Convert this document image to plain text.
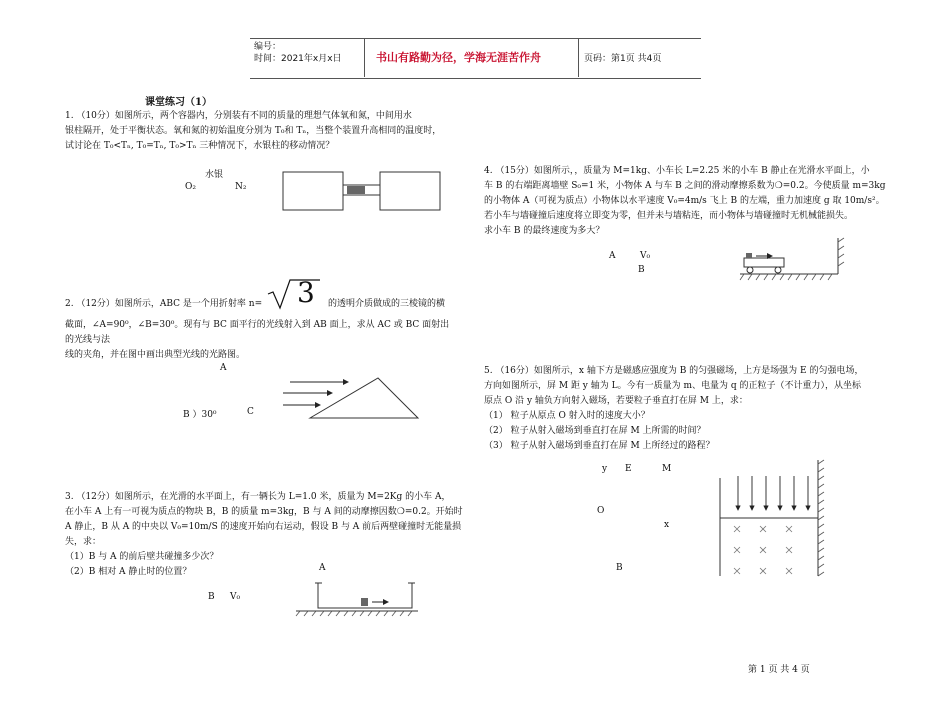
编号：
时间：2021年x月x日	书山有路勤为径，学海无涯苦作舟	页码：第1页 共4页
课堂练习（1）
1. （10分）如图所示，两个容器内，分别装有不同的质量的理想气体氧和氮，中间用水
银柱隔开，处于平衡状态。氧和氮的初始温度分别为 T₀和 Tₙ，当整个装置升高相同的温度时，
试讨论在 T₀<Tₙ, T₀=Tₙ, T₀>Tₙ 三种情况下，水银柱的移动情况？
水银
O₂	N₂
2. （12分）如图所示，ABC 是一个用折射率 n= 3 的透明介质做成的三棱镜的横
截面，∠A=90⁰，∠B=30⁰。现有与 BC 面平行的光线射入到 AB 面上，求从 AC 或 BC 面射出
的光线与法
线的夹角，并在图中画出典型光线的光路图。
A
B ）30⁰	C
3. （12分）如图所示，在光滑的水平面上，有一辆长为 L=1.0 米，质量为 M=2Kg 的小车 A，
在小车 A 上有一可视为质点的物块 B，B 的质量 m=3kg，B 与 A 间的动摩擦因数❍=0.2。开始时
A 静止，B 从 A 的中央以 V₀=10m/S 的速度开始向右运动，假设 B 与 A 前后两壁碰撞时无能量损
失，求：
（1）B 与 A 的前后壁共碰撞多少次？
（2）B 相对 A 静止时的位置？	A
B V₀
4. （15分）如图所示，，质量为 M=1kg、小车长 L=2.25 米的小车 B 静止在光滑水平面上，小
车 B 的右端距离墙壁 S₀=1 米，小物体 A 与车 B 之间的滑动摩擦系数为❍=0.2。今使质量 m=3kg
的小物体 A（可视为质点）小物体以水平速度 V₀=4m/s 飞上 B 的左端，重力加速度 g 取 10m/s²。
若小车与墙碰撞后速度将立即变为零，但并未与墙粘连，而小物体与墙碰撞时无机械能损失。
求小车 B 的最终速度为多大？
A	V₀
B
5. （16分）如图所示，x 轴下方是磁感应强度为 B 的匀强磁场，上方是场强为 E 的匀强电场，
方向如图所示，屏 M 距 y 轴为 L。今有一质量为 m、电量为 q 的正粒子（不计重力），从坐标
原点 O 沿 y 轴负方向射入磁场，若要粒子垂直打在屏 M 上，求：
（1） 粒子从原点 O 射入时的速度大小？
（2） 粒子从射入磁场到垂直打在屏 M 上所需的时间？
（3） 粒子从射入磁场到垂直打在屏 M 上所经过的路程？
y E	M
O
x
B
第 1 页 共 4 页
